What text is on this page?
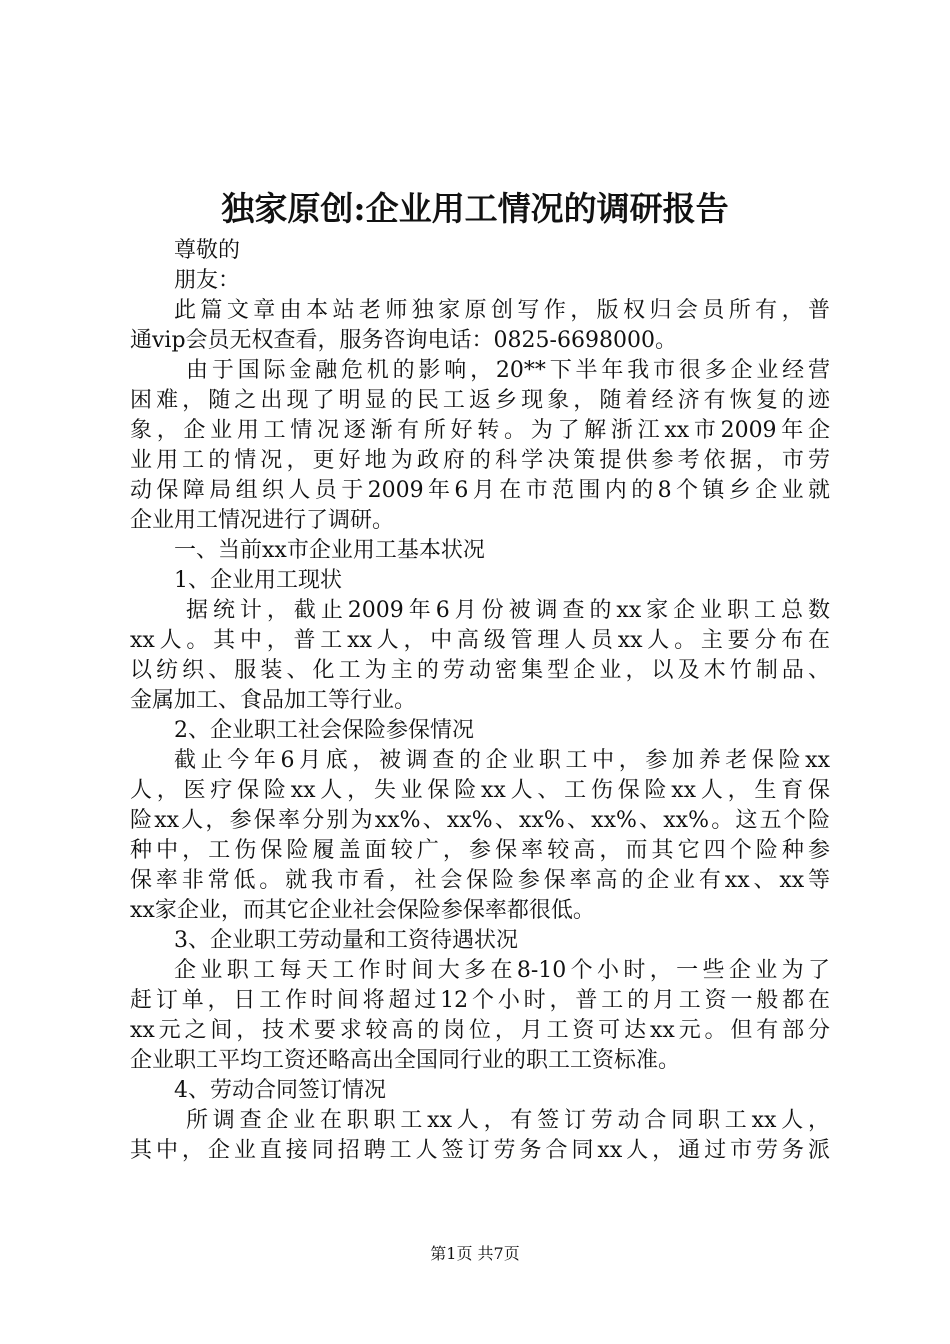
独家原创:企业用工情况的调研报告
尊敬的
朋友：
此篇文章由本站老师独家原创写作，版权归会员所有，普
通vip会员无权查看，服务咨询电话：0825-6698000。
由于国际金融危机的影响，20**下半年我市很多企业经营
困难，随之出现了明显的民工返乡现象，随着经济有恢复的迹
象，企业用工情况逐渐有所好转。为了解浙江xx市2009年企
业用工的情况，更好地为政府的科学决策提供参考依据，市劳
动保障局组织人员于2009年6月在市范围内的8个镇乡企业就
企业用工情况进行了调研。
一、当前xx市企业用工基本状况
1、企业用工现状
据统计，截止2009年6月份被调查的xx家企业职工总数
xx人。其中，普工xx人，中高级管理人员xx人。主要分布在
以纺织、服装、化工为主的劳动密集型企业，以及木竹制品、
金属加工、食品加工等行业。
2、企业职工社会保险参保情况
截止今年6月底，被调查的企业职工中，参加养老保险xx
人，医疗保险xx人，失业保险xx人、工伤保险xx人，生育保
险xx人，参保率分别为xx%、xx%、xx%、xx%、xx%。这五个险
种中，工伤保险履盖面较广，参保率较高，而其它四个险种参
保率非常低。就我市看，社会保险参保率高的企业有xx、xx等
xx家企业，而其它企业社会保险参保率都很低。
3、企业职工劳动量和工资待遇状况
企业职工每天工作时间大多在8-10个小时，一些企业为了
赶订单，日工作时间将超过12个小时，普工的月工资一般都在
xx元之间，技术要求较高的岗位，月工资可达xx元。但有部分
企业职工平均工资还略高出全国同行业的职工工资标准。
4、劳动合同签订情况
所调查企业在职职工xx人，有签订劳动合同职工xx人，
其中，企业直接同招聘工人签订劳务合同xx人，通过市劳务派
第1页 共7页
